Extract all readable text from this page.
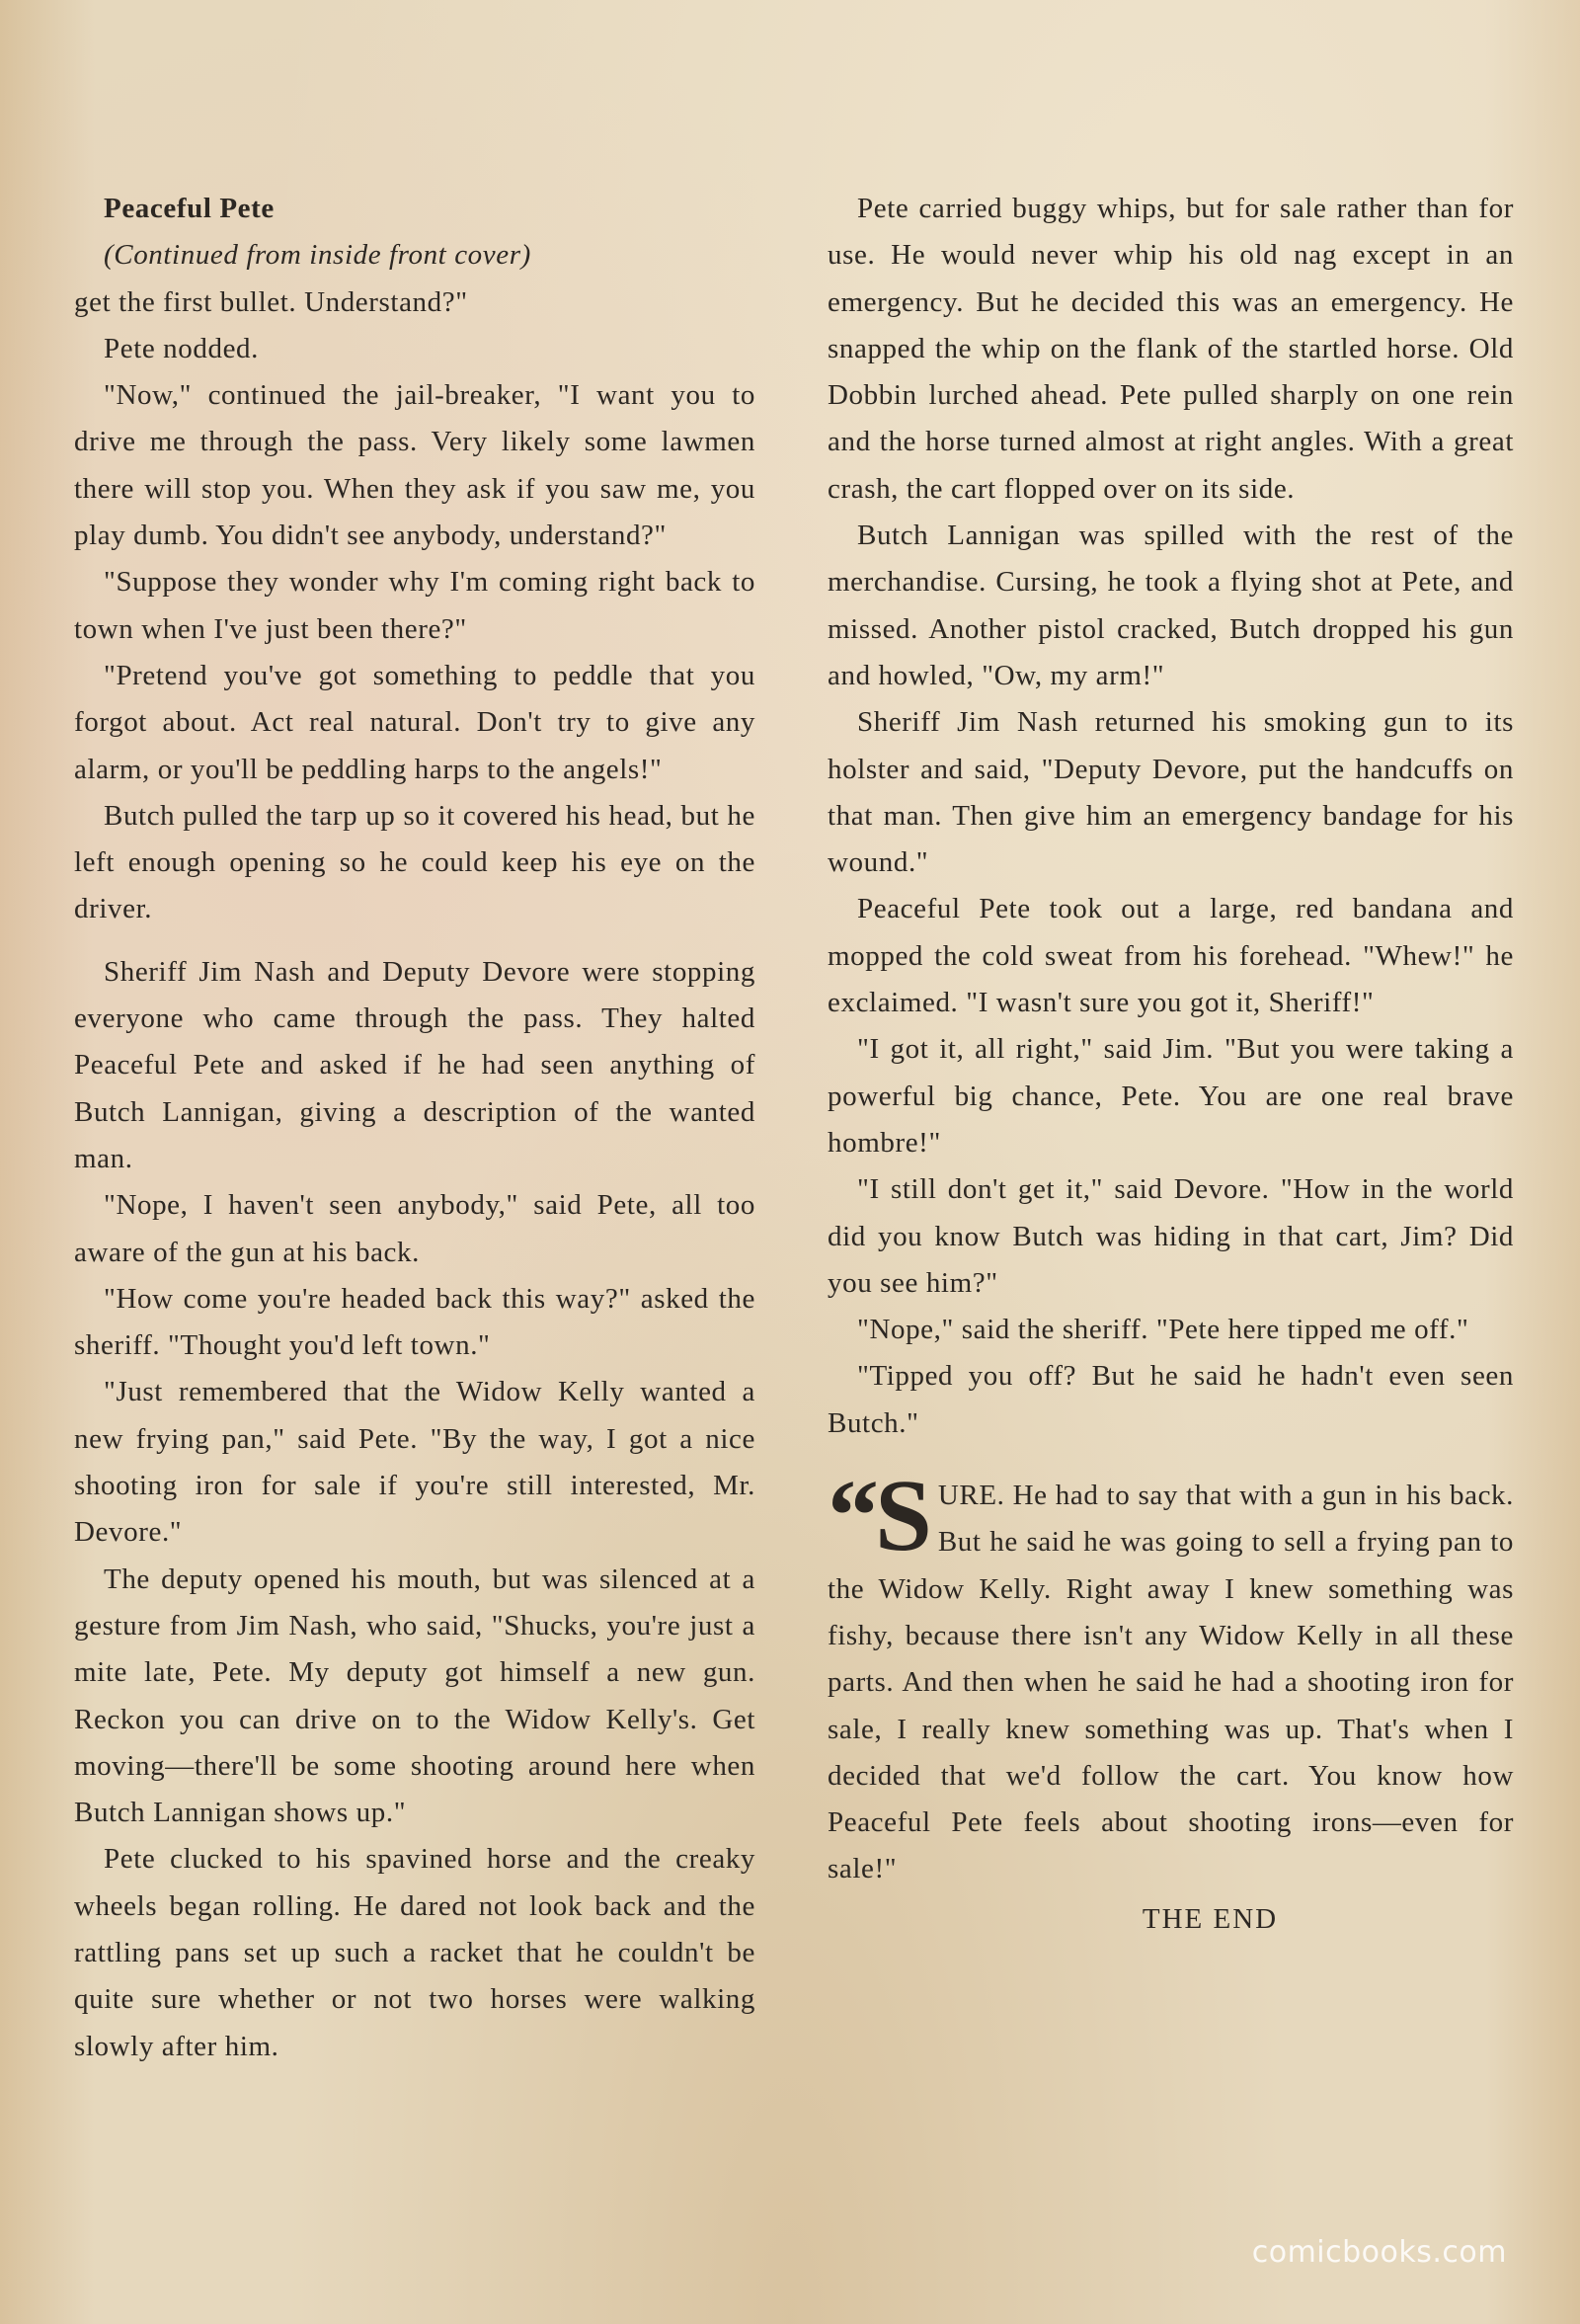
Peaceful Pete

(Continued from inside front cover)

get the first bullet. Understand?"

Pete nodded.

"Now," continued the jail-breaker, "I want you to drive me through the pass. Very likely some lawmen there will stop you. When they ask if you saw me, you play dumb. You didn't see anybody, understand?"

"Suppose they wonder why I'm coming right back to town when I've just been there?"

"Pretend you've got something to peddle that you forgot about. Act real natural. Don't try to give any alarm, or you'll be peddling harps to the angels!"

Butch pulled the tarp up so it covered his head, but he left enough opening so he could keep his eye on the driver.

Sheriff Jim Nash and Deputy Devore were stopping everyone who came through the pass. They halted Peaceful Pete and asked if he had seen anything of Butch Lannigan, giving a description of the wanted man.

"Nope, I haven't seen anybody," said Pete, all too aware of the gun at his back.

"How come you're headed back this way?" asked the sheriff. "Thought you'd left town."

"Just remembered that the Widow Kelly wanted a new frying pan," said Pete. "By the way, I got a nice shooting iron for sale if you're still interested, Mr. Devore."

The deputy opened his mouth, but was silenced at a gesture from Jim Nash, who said, "Shucks, you're just a mite late, Pete. My deputy got himself a new gun. Reckon you can drive on to the Widow Kelly's. Get moving—there'll be some shooting around here when Butch Lannigan shows up."

Pete clucked to his spavined horse and the creaky wheels began rolling. He dared not look back and the rattling pans set up such a racket that he couldn't be quite sure whether or not two horses were walking slowly after him.

Pete carried buggy whips, but for sale rather than for use. He would never whip his old nag except in an emergency. But he decided this was an emergency. He snapped the whip on the flank of the startled horse. Old Dobbin lurched ahead. Pete pulled sharply on one rein and the horse turned almost at right angles. With a great crash, the cart flopped over on its side.

Butch Lannigan was spilled with the rest of the merchandise. Cursing, he took a flying shot at Pete, and missed. Another pistol cracked, Butch dropped his gun and howled, "Ow, my arm!"

Sheriff Jim Nash returned his smoking gun to its holster and said, "Deputy Devore, put the handcuffs on that man. Then give him an emergency bandage for his wound."

Peaceful Pete took out a large, red bandana and mopped the cold sweat from his forehead. "Whew!" he exclaimed. "I wasn't sure you got it, Sheriff!"

"I got it, all right," said Jim. "But you were taking a powerful big chance, Pete. You are one real brave hombre!"

"I still don't get it," said Devore. "How in the world did you know Butch was hiding in that cart, Jim? Did you see him?"

"Nope," said the sheriff. "Pete here tipped me off."

"Tipped you off? But he said he hadn't even seen Butch."

“S URE. He had to say that with a gun in his back. But he said he was going to sell a frying pan to the Widow Kelly. Right away I knew something was fishy, because there isn't any Widow Kelly in all these parts. And then when he said he had a shooting iron for sale, I really knew something was up. That's when I decided that we'd follow the cart. You know how Peaceful Pete feels about shooting irons—even for sale!"

THE END
comicbooks.com
